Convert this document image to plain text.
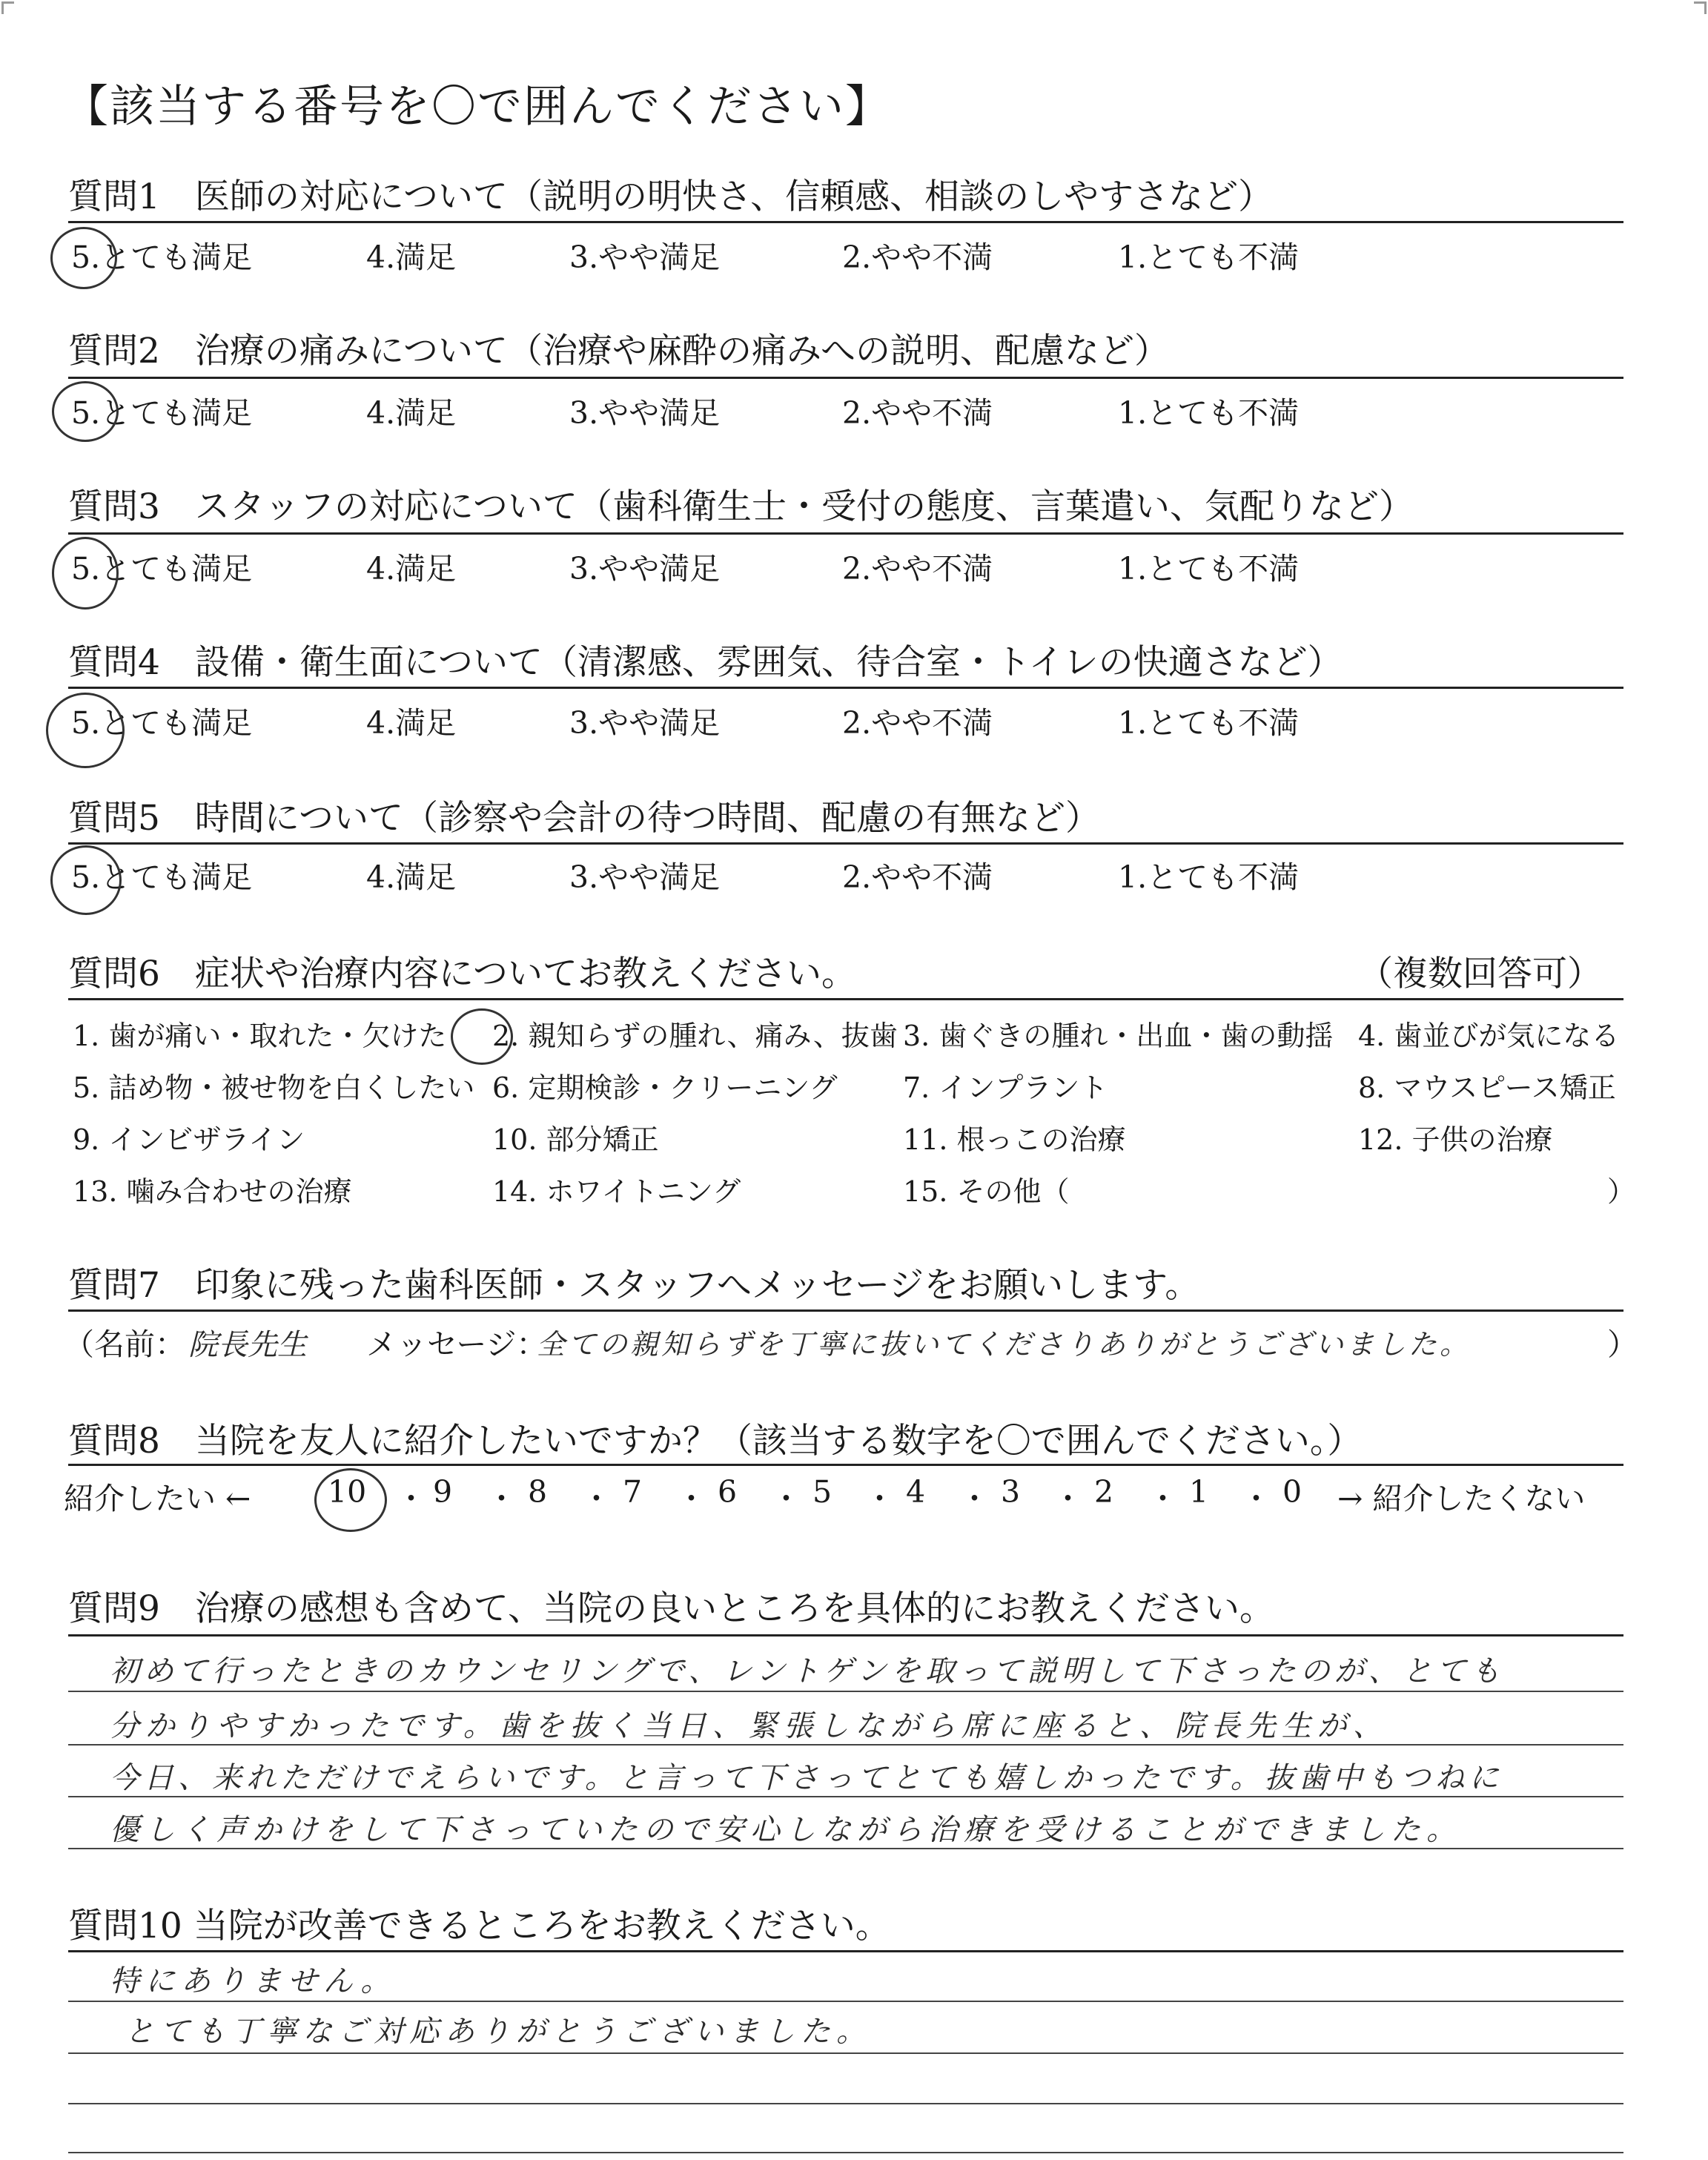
【該当する番号を〇で囲んでください】
質問1　医師の対応について（説明の明快さ、信頼感、相談のしやすさなど）
5.とても満足	4.満足	3.やや満足	2.やや不満	1.とても不満
質問2　治療の痛みについて（治療や麻酔の痛みへの説明、配慮など）
5.とても満足	4.満足	3.やや満足	2.やや不満	1.とても不満
質問3　スタッフの対応について（歯科衛生士・受付の態度、言葉遣い、気配りなど）
5.とても満足	4.満足	3.やや満足	2.やや不満	1.とても不満
質問4　設備・衛生面について（清潔感、雰囲気、待合室・トイレの快適さなど）
5.とても満足	4.満足	3.やや満足	2.やや不満	1.とても不満
質問5　時間について（診察や会計の待つ時間、配慮の有無など）
5.とても満足	4.満足	3.やや満足	2.やや不満	1.とても不満
質問6　症状や治療内容についてお教えください。	（複数回答可）
1. 歯が痛い・取れた・欠けた 2. 親知らずの腫れ、痛み、抜歯 3. 歯ぐきの腫れ・出血・歯の動揺 4. 歯並びが気になる
5. 詰め物・被せ物を白くしたい 6. 定期検診・クリーニング 7. インプラント	8. マウスピース矯正
9. インビザライン	10. 部分矯正	11. 根っこの治療	12. 子供の治療
13. 噛み合わせの治療	14. ホワイトニング	15. その他（	）
質問7　印象に残った歯科医師・スタッフへメッセージをお願いします。
（名前： 院長先生 メッセージ：
全ての親知らずを丁寧に抜いてくださりありがとうございました。	）
質問8　当院を友人に紹介したいですか？（該当する数字を〇で囲んでください。）
紹介したい ←	10 ・ 9 ・ 8 ・ 7 ・ 6 ・ 5 ・ 4 ・ 3 ・ 2 ・ 1 ・ 0 → 紹介したくない
質問9　治療の感想も含めて、当院の良いところを具体的にお教えください。
初めて行ったときのカウンセリングで、レントゲンを取って説明して下さったのが、とても
分かりやすかったです。歯を抜く当日、緊張しながら席に座ると、院長先生が、
今日、来れただけでえらいです。と言って下さってとても嬉しかったです。抜歯中もつねに
優しく声かけをして下さっていたので安心しながら治療を受けることができました。
質問10 当院が改善できるところをお教えください。
特にありません。
とても丁寧なご対応ありがとうございました。
